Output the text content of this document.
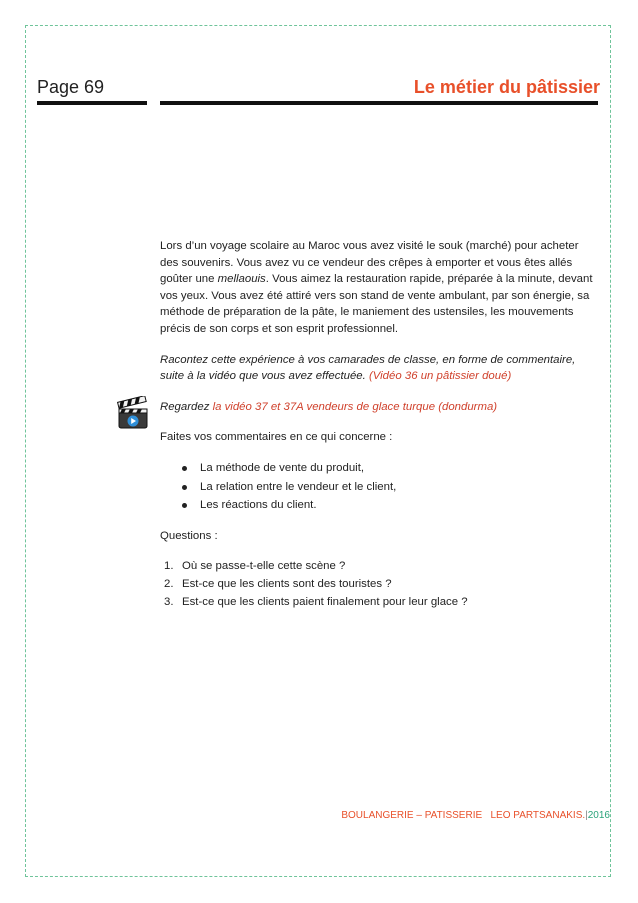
Page 69	Le métier du pâtissier

Lors d’un voyage scolaire au Maroc vous avez visité le souk (marché) pour acheter des souvenirs. Vous avez vu ce vendeur des crêpes à emporter et vous êtes allés goûter une mellaouis. Vous aimez la restauration rapide, préparée à la minute, devant vos yeux. Vous avez été attiré vers son stand de vente ambulant, par son énergie, sa méthode de préparation de la pâte, le maniement des ustensiles, les mouvements précis de son corps et son esprit professionnel.

Racontez cette expérience à vos camarades de classe, en forme de commentaire, suite à la vidéo que vous avez effectuée. (Vidéo 36 un pâtissier doué)

Regardez la vidéo 37 et 37A vendeurs de glace turque (dondurma)

Faites vos commentaires en ce qui concerne :

La méthode de vente du produit,
La relation entre le vendeur et le client,
Les réactions du client.

Questions :

1. Où se passe-t-elle cette scène ?
2. Est-ce que les clients sont des touristes ?
3. Est-ce que les clients paient finalement pour leur glace ?
BOULANGERIE – PATISSERIE   LEO PARTSANAKIS.|2016
